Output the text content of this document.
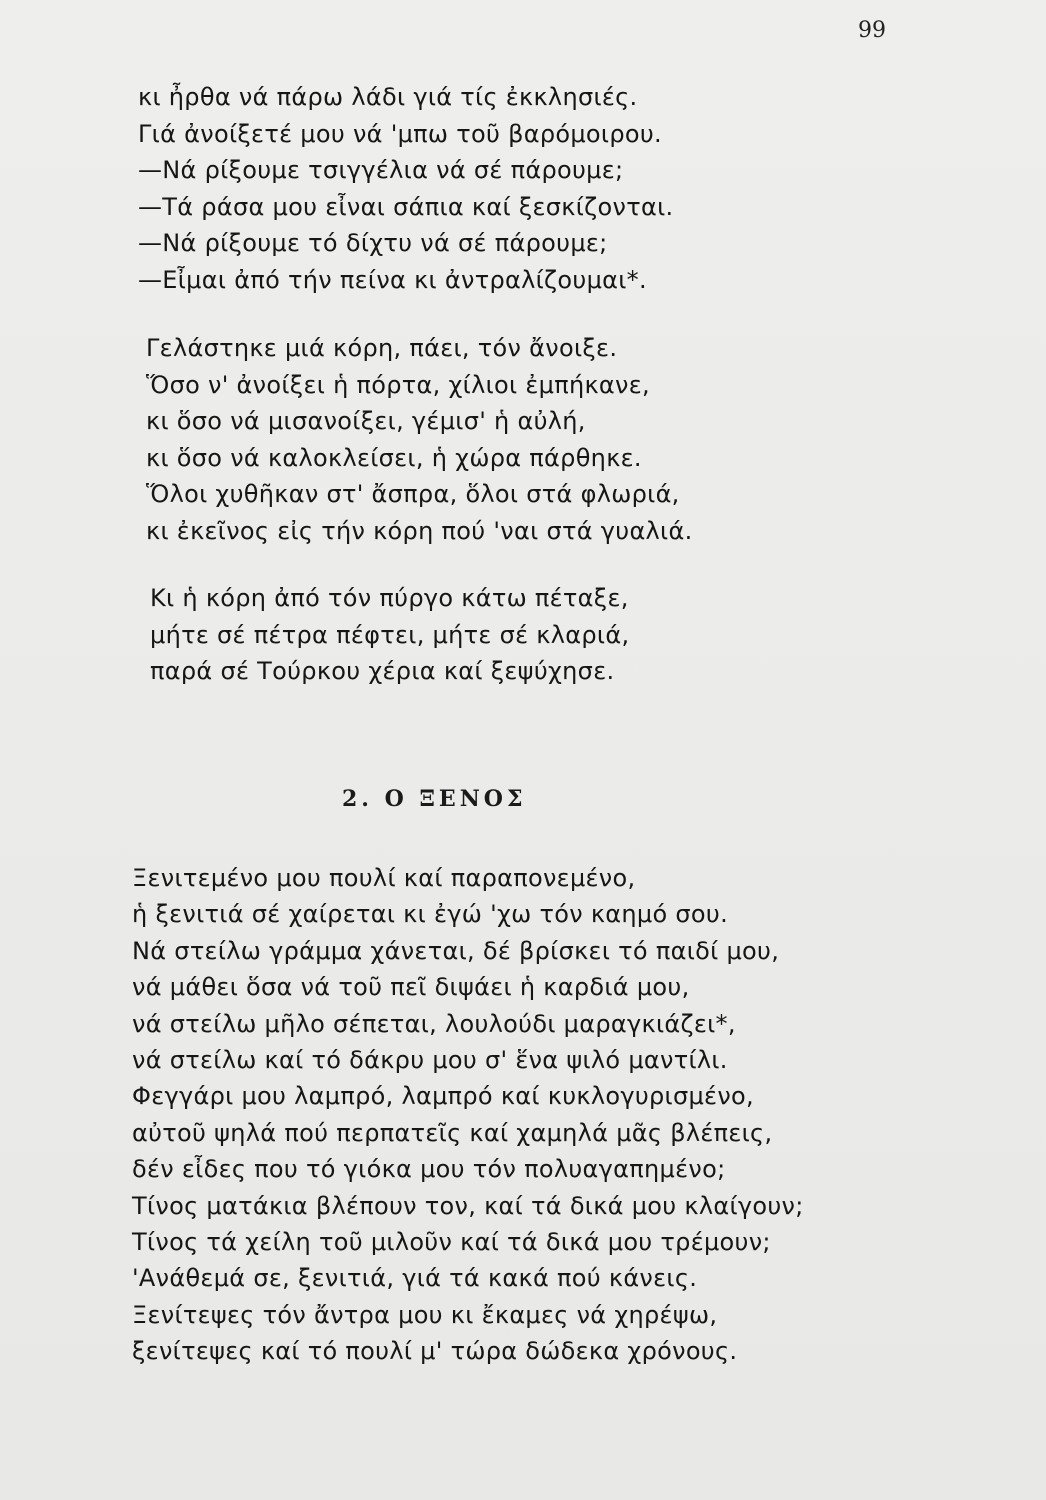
99
κι ἦρθα νά πάρω λάδι γιά τίς ἐκκλησιές.
Γιά ἀνοίξετέ μου νά 'μπω τοῦ βαρόμοιρου.
—Νά ρίξουμε τσιγγέλια νά σέ πάρουμε;
—Τά ράσα μου εἶναι σάπια καί ξεσκίζονται.
—Νά ρίξουμε τό δίχτυ νά σέ πάρουμε;
—Εἶμαι ἀπό τήν πείνα κι ἀντραλίζουμαι*.
Γελάστηκε μιά κόρη, πάει, τόν ἄνοιξε.
Ὅσο ν' ἀνοίξει ἡ πόρτα, χίλιοι ἐμπήκανε,
κι ὅσο νά μισανοίξει, γέμισ' ἡ αὐλή,
κι ὅσο νά καλοκλείσει, ἡ χώρα πάρθηκε.
Ὅλοι χυθῆκαν στ' ἄσπρα, ὅλοι στά φλωριά,
κι ἐκεῖνος εἰς τήν κόρη πού 'ναι στά γυαλιά.
Κι ἡ κόρη ἀπό τόν πύργο κάτω πέταξε,
μήτε σέ πέτρα πέφτει, μήτε σέ κλαριά,
παρά σέ Τούρκου χέρια καί ξεψύχησε.
2. Ο ΞΕΝΟΣ
Ξενιτεμένο μου πουλί καί παραπονεμένο,
ἡ ξενιτιά σέ χαίρεται κι ἐγώ 'χω τόν καημό σου.
Νά στείλω γράμμα χάνεται, δέ βρίσκει τό παιδί μου,
νά μάθει ὅσα νά τοῦ πεῖ διψάει ἡ καρδιά μου,
νά στείλω μῆλο σέπεται, λουλούδι μαραγκιάζει*,
νά στείλω καί τό δάκρυ μου σ' ἕνα ψιλό μαντίλι.
Φεγγάρι μου λαμπρό, λαμπρό καί κυκλογυρισμένο,
αὐτοῦ ψηλά πού περπατεῖς καί χαμηλά μᾶς βλέπεις,
δέν εἶδες που τό γιόκα μου τόν πολυαγαπημένο;
Τίνος ματάκια βλέπουν τον, καί τά δικά μου κλαίγουν;
Τίνος τά χείλη τοῦ μιλοῦν καί τά δικά μου τρέμουν;
'Ανάθεμά σε, ξενιτιά, γιά τά κακά πού κάνεις.
Ξενίτεψες τόν ἄντρα μου κι ἔκαμες νά χηρέψω,
ξενίτεψες καί τό πουλί μ' τώρα δώδεκα χρόνους.
